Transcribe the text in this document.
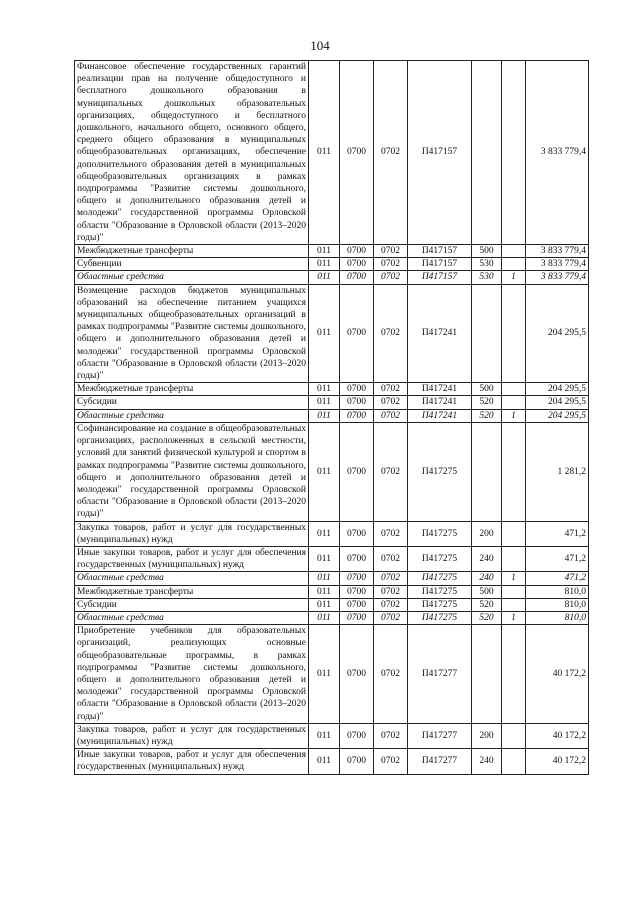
104
Финансовое обеспечение государственных гарантий реализации прав на получение общедоступного и бесплатного дошкольного образования в муниципальных дошкольных образовательных организациях, общедоступного и бесплатного дошкольного, начального общего, основного общего, среднего общего образования в муниципальных общеобразовательных организациях, обеспечение дополнительного образования детей в муниципальных общеобразовательных организациях в рамках подпрограммы "Развитие системы дошкольного, общего и дополнительного образования детей и молодежи" государственной программы Орловской области "Образование в Орловской области (2013–2020 годы)"	011	0700	0702	П417157			3 833 779,4
Межбюджетные трансферты	011	0700	0702	П417157	500		3 833 779,4
Субвенции	011	0700	0702	П417157	530		3 833 779,4
Областные средства	011	0700	0702	П417157	530	1	3 833 779,4
Возмещение расходов бюджетов муниципальных образований на обеспечение питанием учащихся муниципальных общеобразовательных организаций в рамках подпрограммы "Развитие системы дошкольного, общего и дополнительного образования детей и молодежи" государственной программы Орловской области "Образование в Орловской области (2013–2020 годы)"	011	0700	0702	П417241			204 295,5
Межбюджетные трансферты	011	0700	0702	П417241	500		204 295,5
Субсидии	011	0700	0702	П417241	520		204 295,5
Областные средства	011	0700	0702	П417241	520	1	204 295,5
Софинансирование на создание в общеобразовательных организациях, расположенных в сельской местности, условий для занятий физической культурой и спортом в рамках подпрограммы "Развитие системы дошкольного, общего и дополнительного образования детей и молодежи" государственной программы Орловской области "Образование в Орловской области (2013–2020 годы)"	011	0700	0702	П417275			1 281,2
Закупка товаров, работ и услуг для государственных (муниципальных) нужд	011	0700	0702	П417275	200		471,2
Иные закупки товаров, работ и услуг для обеспечения государственных (муниципальных) нужд	011	0700	0702	П417275	240		471,2
Областные средства	011	0700	0702	П417275	240	1	471,2
Межбюджетные трансферты	011	0700	0702	П417275	500		810,0
Субсидии	011	0700	0702	П417275	520		810,0
Областные средства	011	0700	0702	П417275	520	1	810,0
Приобретение учебников для образовательных организаций, реализующих основные общеобразовательные программы, в рамках подпрограммы "Развитие системы дошкольного, общего и дополнительного образования детей и молодежи" государственной программы Орловской области "Образование в Орловской области (2013–2020 годы)"	011	0700	0702	П417277			40 172,2
Закупка товаров, работ и услуг для государственных (муниципальных) нужд	011	0700	0702	П417277	200		40 172,2
Иные закупки товаров, работ и услуг для обеспечения государственных (муниципальных) нужд	011	0700	0702	П417277	240		40 172,2
